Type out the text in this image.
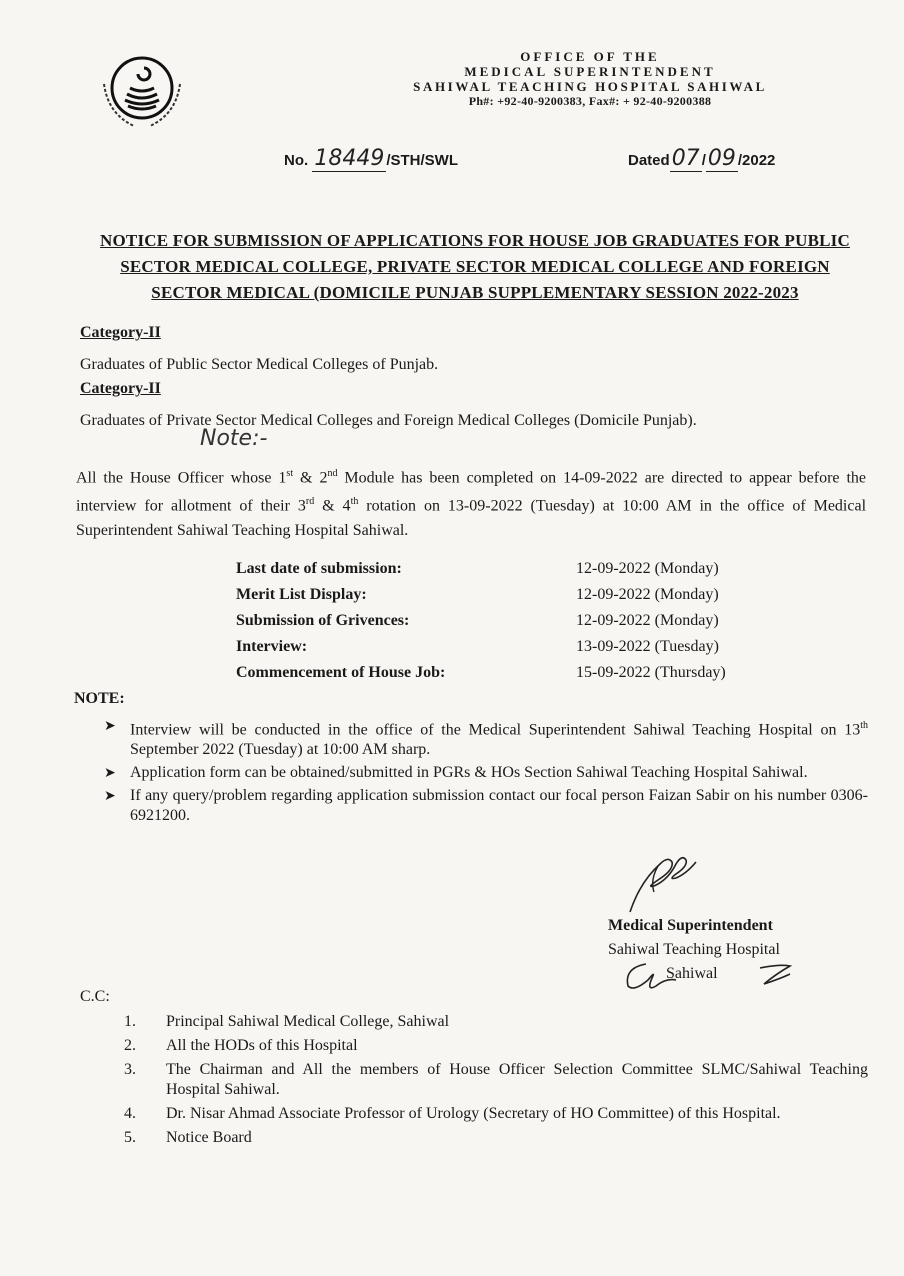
OFFICE OF THE
MEDICAL SUPERINTENDENT
SAHIWAL TEACHING HOSPITAL SAHIWAL
Ph#: +92-40-9200383, Fax#: + 92-40-9200388
No. 18449 /STH/SWL	Dated07 /09 /2022
NOTICE FOR SUBMISSION OF APPLICATIONS FOR HOUSE JOB GRADUATES FOR PUBLIC SECTOR MEDICAL COLLEGE, PRIVATE SECTOR MEDICAL COLLEGE AND FOREIGN SECTOR MEDICAL (DOMICILE PUNJAB SUPPLEMENTARY SESSION 2022-2023
Category-II
Graduates of Public Sector Medical Colleges of Punjab.
Category-II
Graduates of Private Sector Medical Colleges and Foreign Medical Colleges (Domicile Punjab).
Note:-
All the House Officer whose 1st & 2nd Module has been completed on 14-09-2022 are directed to appear before the interview for allotment of their 3rd & 4th rotation on 13-09-2022 (Tuesday) at 10:00 AM in the office of Medical Superintendent Sahiwal Teaching Hospital Sahiwal.
Last date of submission:	12-09-2022 (Monday)
Merit List Display:	12-09-2022 (Monday)
Submission of Grivences:	12-09-2022 (Monday)
Interview:	13-09-2022 (Tuesday)
Commencement of House Job:	15-09-2022 (Thursday)
NOTE:
➤ Interview will be conducted in the office of the Medical Superintendent Sahiwal Teaching Hospital on 13th September 2022 (Tuesday) at 10:00 AM sharp.
➤ Application form can be obtained/submitted in PGRs & HOs Section Sahiwal Teaching Hospital Sahiwal.
➤ If any query/problem regarding application submission contact our focal person Faizan Sabir on his number 0306-6921200.
Medical Superintendent
Sahiwal Teaching Hospital
Sahiwal
C.C:
1. Principal Sahiwal Medical College, Sahiwal
2. All the HODs of this Hospital
3. The Chairman and All the members of House Officer Selection Committee SLMC/Sahiwal Teaching Hospital Sahiwal.
4. Dr. Nisar Ahmad Associate Professor of Urology (Secretary of HO Committee) of this Hospital.
5. Notice Board
